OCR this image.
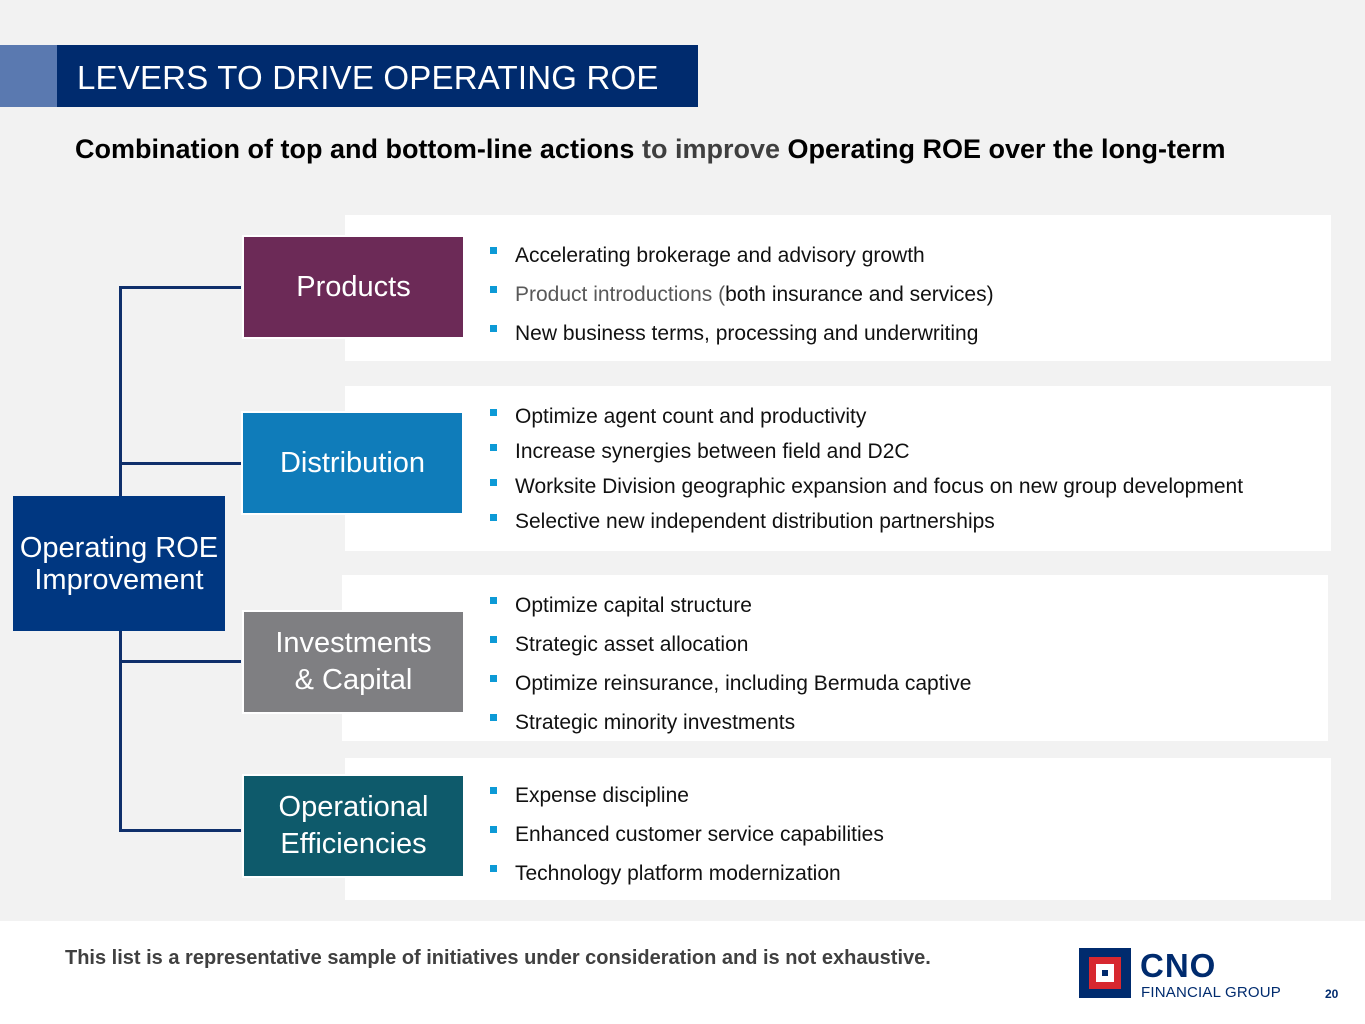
LEVERS TO DRIVE OPERATING ROE
Combination of top and bottom-line actions to improve Operating ROE over the long-term
Operating ROE Improvement
Products
Distribution
Investments & Capital
Operational Efficiencies
Accelerating brokerage and advisory growth
Product introductions (both insurance and services)
New business terms, processing and underwriting
Optimize agent count and productivity
Increase synergies between field and D2C
Worksite Division geographic expansion and focus on new group development
Selective new independent distribution partnerships
Optimize capital structure
Strategic asset allocation
Optimize reinsurance, including Bermuda captive
Strategic minority investments
Expense discipline
Enhanced customer service capabilities
Technology platform modernization
This list is a representative sample of initiatives under consideration and is not exhaustive.	CNO
FINANCIAL GROUP	20
